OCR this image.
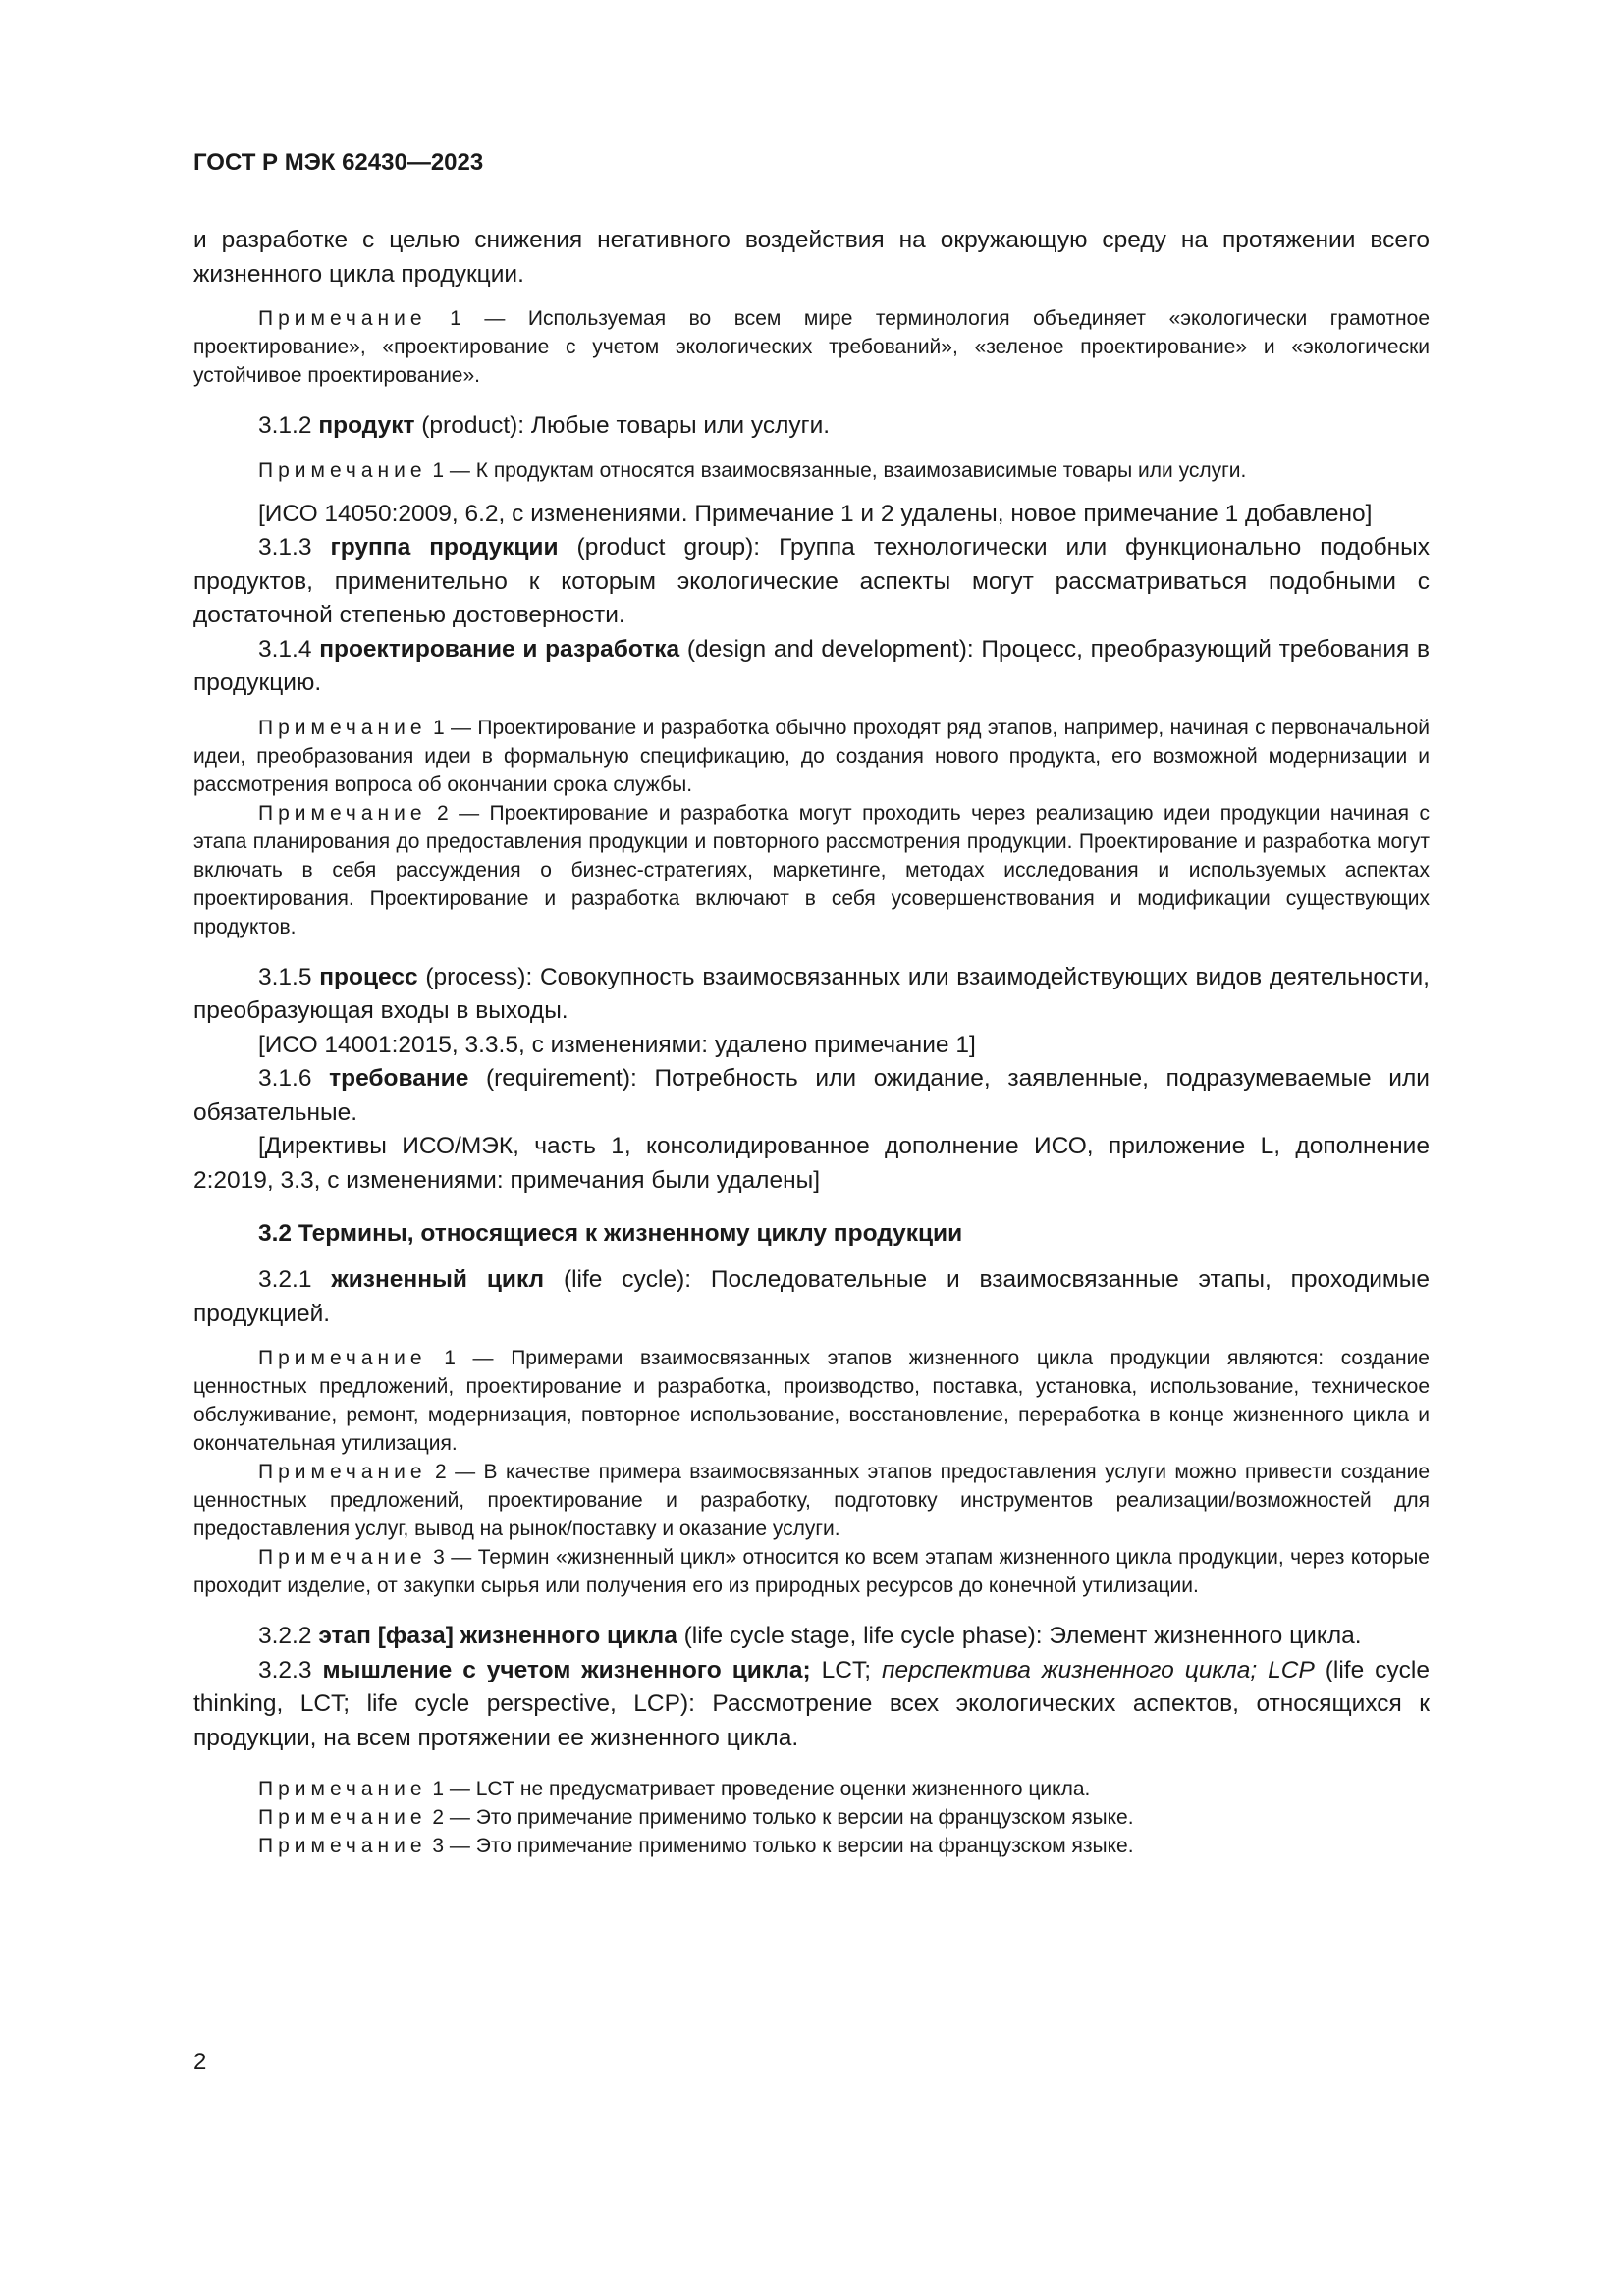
ГОСТ Р МЭК 62430—2023

и разработке с целью снижения негативного воздействия на окружающую среду на протяжении всего жизненного цикла продукции.

Примечание 1 — Используемая во всем мире терминология объединяет «экологически грамотное проектирование», «проектирование с учетом экологических требований», «зеленое проектирование» и «экологически устойчивое проектирование».

3.1.2 продукт (product): Любые товары или услуги.

Примечание 1 — К продуктам относятся взаимосвязанные, взаимозависимые товары или услуги.

[ИСО 14050:2009, 6.2, с изменениями. Примечание 1 и 2 удалены, новое примечание 1 добавлено]

3.1.3 группа продукции (product group): Группа технологически или функционально подобных продуктов, применительно к которым экологические аспекты могут рассматриваться подобными с достаточной степенью достоверности.

3.1.4 проектирование и разработка (design and development): Процесс, преобразующий требования в продукцию.

Примечание 1 — Проектирование и разработка обычно проходят ряд этапов, например, начиная с первоначальной идеи, преобразования идеи в формальную спецификацию, до создания нового продукта, его возможной модернизации и рассмотрения вопроса об окончании срока службы.

Примечание 2 — Проектирование и разработка могут проходить через реализацию идеи продукции начиная с этапа планирования до предоставления продукции и повторного рассмотрения продукции. Проектирование и разработка могут включать в себя рассуждения о бизнес-стратегиях, маркетинге, методах исследования и используемых аспектах проектирования. Проектирование и разработка включают в себя усовершенствования и модификации существующих продуктов.

3.1.5 процесс (process): Совокупность взаимосвязанных или взаимодействующих видов деятельности, преобразующая входы в выходы.

[ИСО 14001:2015, 3.3.5, с изменениями: удалено примечание 1]

3.1.6 требование (requirement): Потребность или ожидание, заявленные, подразумеваемые или обязательные.

[Директивы ИСО/МЭК, часть 1, консолидированное дополнение ИСО, приложение L, дополнение 2:2019, 3.3, с изменениями: примечания были удалены]

3.2 Термины, относящиеся к жизненному циклу продукции

3.2.1 жизненный цикл (life cycle): Последовательные и взаимосвязанные этапы, проходимые продукцией.

Примечание 1 — Примерами взаимосвязанных этапов жизненного цикла продукции являются: создание ценностных предложений, проектирование и разработка, производство, поставка, установка, использование, техническое обслуживание, ремонт, модернизация, повторное использование, восстановление, переработка в конце жизненного цикла и окончательная утилизация.

Примечание 2 — В качестве примера взаимосвязанных этапов предоставления услуги можно привести создание ценностных предложений, проектирование и разработку, подготовку инструментов реализации/возможностей для предоставления услуг, вывод на рынок/поставку и оказание услуги.

Примечание 3 — Термин «жизненный цикл» относится ко всем этапам жизненного цикла продукции, через которые проходит изделие, от закупки сырья или получения его из природных ресурсов до конечной утилизации.

3.2.2 этап [фаза] жизненного цикла (life cycle stage, life cycle phase): Элемент жизненного цикла.

3.2.3 мышление с учетом жизненного цикла; LCT; перспектива жизненного цикла; LCP (life cycle thinking, LCT; life cycle perspective, LCP): Рассмотрение всех экологических аспектов, относящихся к продукции, на всем протяжении ее жизненного цикла.

Примечание 1 — LCT не предусматривает проведение оценки жизненного цикла.

Примечание 2 — Это примечание применимо только к версии на французском языке.

Примечание 3 — Это примечание применимо только к версии на французском языке.

2
